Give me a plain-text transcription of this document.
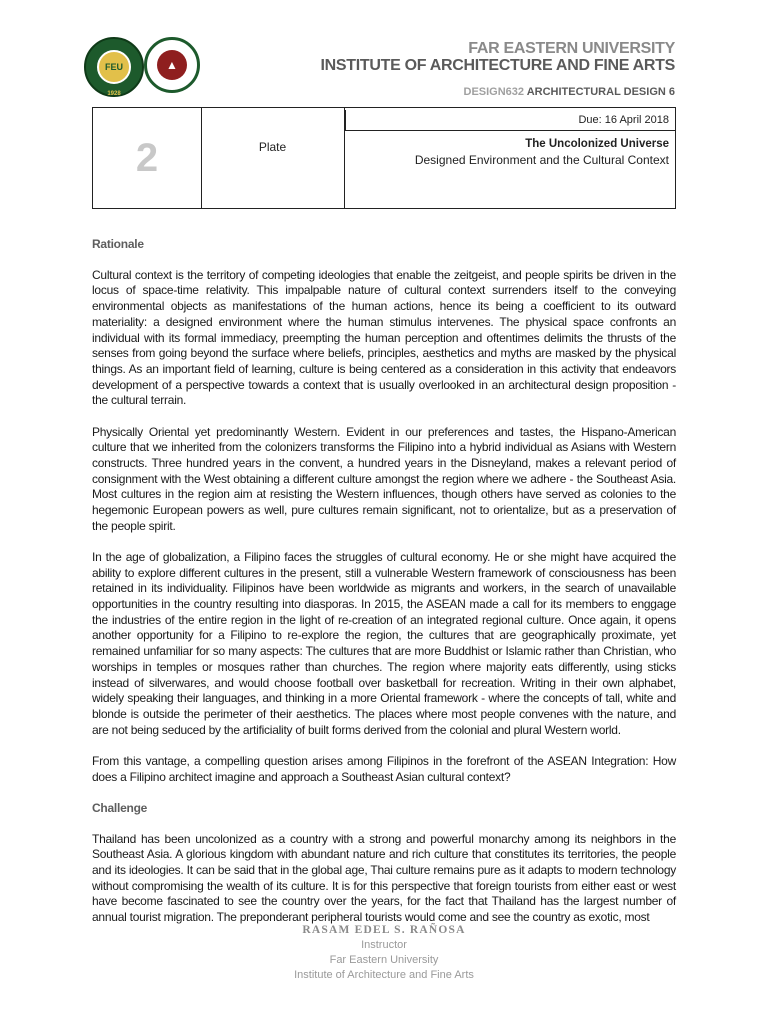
FEU
1928
▲
FAR EASTERN UNIVERSITY
INSTITUTE OF ARCHITECTURE AND FINE ARTS
DESIGN632 ARCHITECTURAL DESIGN 6
2	Plate
Due: 16 April 2018
The Uncolonized Universe
Designed Environment and the Cultural Context
Rationale

Cultural context is the territory of competing ideologies that enable the zeitgeist, and people spirits be driven in the locus of space-time relativity. This impalpable nature of cultural context surrenders itself to the conveying environmental objects as manifestations of the human actions, hence its being a coefficient to its outward materiality: a designed environment where the human stimulus intervenes. The physical space confronts an individual with its formal immediacy, preempting the human perception and oftentimes delimits the thrusts of the senses from going beyond the surface where beliefs, principles, aesthetics and myths are masked by the physical things. As an important field of learning, culture is being centered as a consideration in this activity that endeavors development of a perspective towards a context that is usually overlooked in an architectural design proposition - the cultural terrain.

Physically Oriental yet predominantly Western. Evident in our preferences and tastes, the Hispano-American culture that we inherited from the colonizers transforms the Filipino into a hybrid individual as Asians with Western constructs. Three hundred years in the convent, a hundred years in the Disneyland, makes a relevant period of consignment with the West obtaining a different culture amongst the region where we adhere - the Southeast Asia. Most cultures in the region aim at resisting the Western influences, though others have served as colonies to the hegemonic European powers as well, pure cultures remain significant, not to orientalize, but as a preservation of the people spirit.

In the age of globalization, a Filipino faces the struggles of cultural economy. He or she might have acquired the ability to explore different cultures in the present, still a vulnerable Western framework of consciousness has been retained in its individuality. Filipinos have been worldwide as migrants and workers, in the search of unavailable opportunities in the country resulting into diasporas. In 2015, the ASEAN made a call for its members to enggage the industries of the entire region in the light of re-creation of an integrated regional culture. Once again, it opens another opportunity for a Filipino to re-explore the region, the cultures that are geographically proximate, yet remained unfamiliar for so many aspects: The cultures that are more Buddhist or Islamic rather than Christian, who worships in temples or mosques rather than churches. The region where majority eats differently, using sticks instead of silverwares, and would choose football over basketball for recreation. Writing in their own alphabet, widely speaking their languages, and thinking in a more Oriental framework - where the concepts of tall, white and blonde is outside the perimeter of their aesthetics. The places where most people convenes with the nature, and are not being seduced by the artificiality of built forms derived from the colonial and plural Western world.

From this vantage, a compelling question arises among Filipinos in the forefront of the ASEAN Integration: How does a Filipino architect imagine and approach a Southeast Asian cultural context?

Challenge

Thailand has been uncolonized as a country with a strong and powerful monarchy among its neighbors in the Southeast Asia. A glorious kingdom with abundant nature and rich culture that constitutes its territories, the people and its ideologies. It can be said that in the global age, Thai culture remains pure as it adapts to modern technology without compromising the wealth of its culture. It is for this perspective that foreign tourists from either east or west have become fascinated to see the country over the years, for the fact that Thailand has the largest number of annual tourist migration. The preponderant peripheral tourists would come and see the country as exotic, most

RASAM EDEL S. RAÑOSA
Instructor
Far Eastern University
Institute of Architecture and Fine Arts
